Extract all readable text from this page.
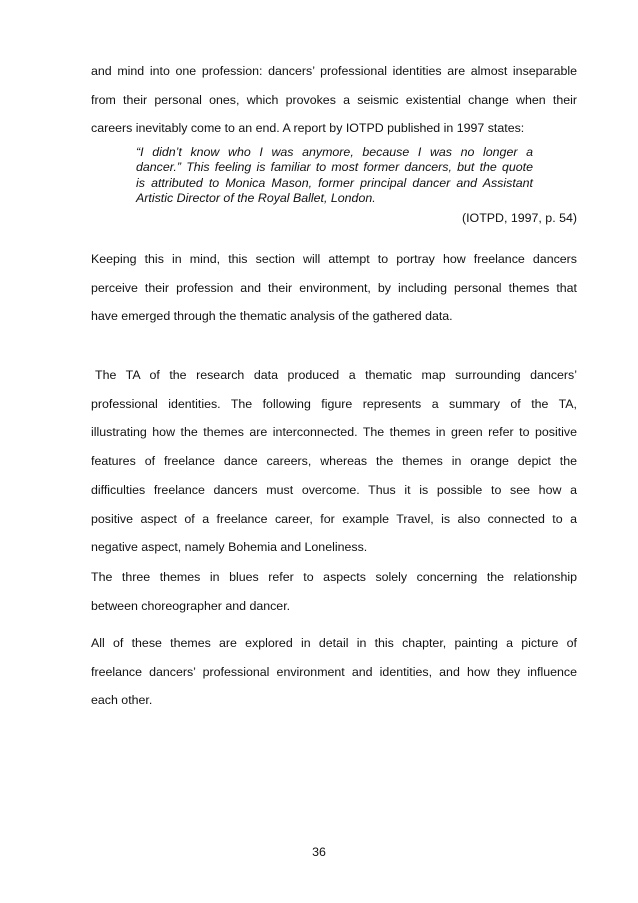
and mind into one profession: dancers’ professional identities are almost inseparable
from their personal ones, which provokes a seismic existential change when their
careers inevitably come to an end. A report by IOTPD published in 1997 states:
“I didn’t know who I was anymore, because I was no longer a
dancer.” This feeling is familiar to most former dancers, but the quote
is attributed to Monica Mason, former principal dancer and Assistant
Artistic Director of the Royal Ballet, London.
(IOTPD, 1997, p. 54)
Keeping this in mind, this section will attempt to portray how freelance dancers
perceive their profession and their environment, by including personal themes that
have emerged through the thematic analysis of the gathered data.
The TA of the research data produced a thematic map surrounding dancers’
professional identities. The following figure represents a summary of the TA,
illustrating how the themes are interconnected. The themes in green refer to positive
features of freelance dance careers, whereas the themes in orange depict the
difficulties freelance dancers must overcome. Thus it is possible to see how a
positive aspect of a freelance career, for example Travel, is also connected to a
negative aspect, namely Bohemia and Loneliness.
The three themes in blues refer to aspects solely concerning the relationship
between choreographer and dancer.
All of these themes are explored in detail in this chapter, painting a picture of
freelance dancers’ professional environment and identities, and how they influence
each other.
36
